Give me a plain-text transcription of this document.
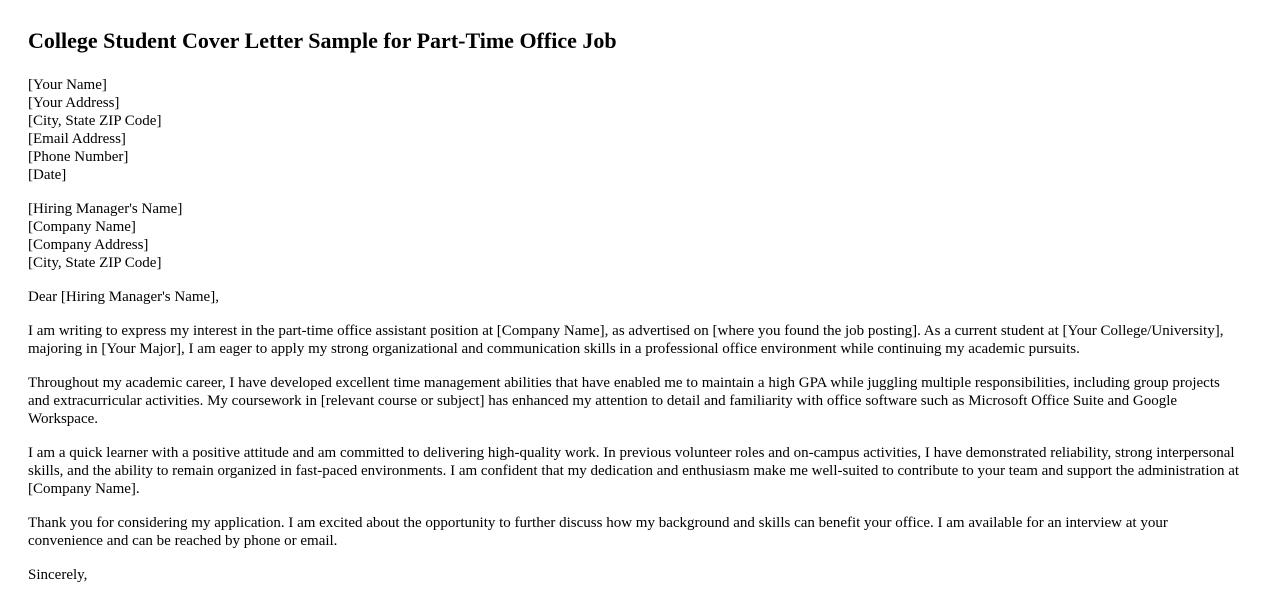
College Student Cover Letter Sample for Part-Time Office Job
[Your Name]
[Your Address]
[City, State ZIP Code]
[Email Address]
[Phone Number]
[Date]
[Hiring Manager's Name]
[Company Name]
[Company Address]
[City, State ZIP Code]

Dear [Hiring Manager's Name],

I am writing to express my interest in the part-time office assistant position at [Company Name], as advertised on [where you found the job posting]. As a current student at [Your College/University], majoring in [Your Major], I am eager to apply my strong organizational and communication skills in a professional office environment while continuing my academic pursuits.

Throughout my academic career, I have developed excellent time management abilities that have enabled me to maintain a high GPA while juggling multiple responsibilities, including group projects and extracurricular activities. My coursework in [relevant course or subject] has enhanced my attention to detail and familiarity with office software such as Microsoft Office Suite and Google Workspace.

I am a quick learner with a positive attitude and am committed to delivering high-quality work. In previous volunteer roles and on-campus activities, I have demonstrated reliability, strong interpersonal skills, and the ability to remain organized in fast-paced environments. I am confident that my dedication and enthusiasm make me well-suited to contribute to your team and support the administration at [Company Name].

Thank you for considering my application. I am excited about the opportunity to further discuss how my background and skills can benefit your office. I am available for an interview at your convenience and can be reached by phone or email.

Sincerely,
